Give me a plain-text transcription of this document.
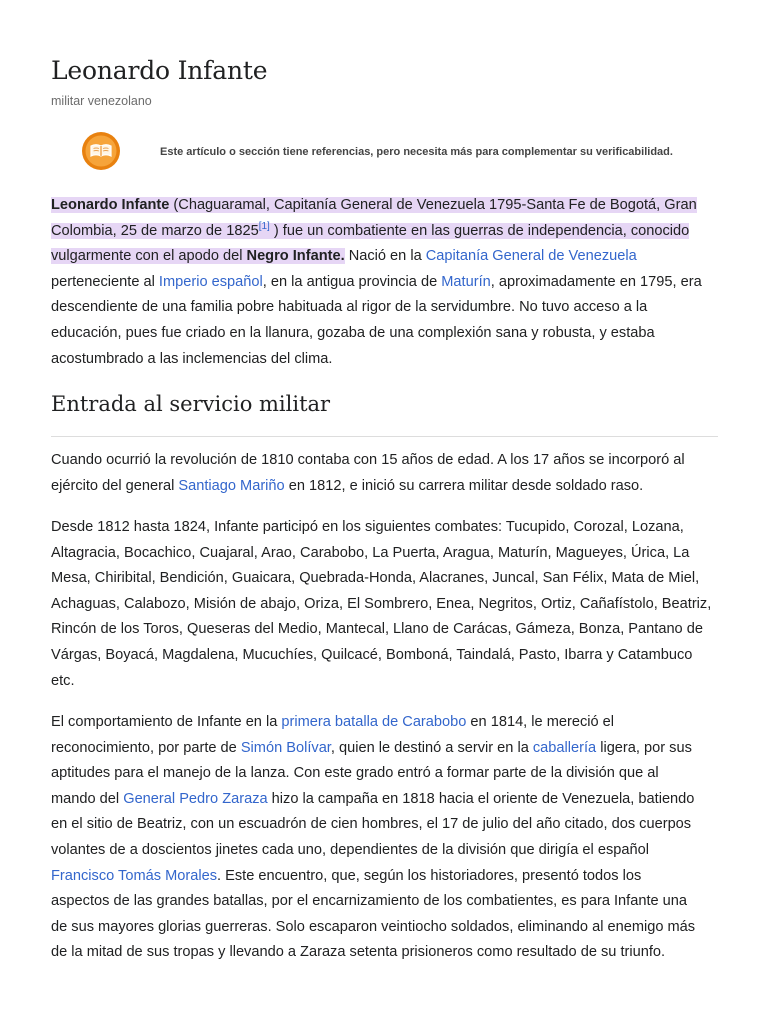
Leonardo Infante
militar venezolano
Este artículo o sección tiene referencias, pero necesita más para complementar su verificabilidad.
Leonardo Infante (Chaguaramal, Capitanía General de Venezuela 1795-Santa Fe de Bogotá, Gran
Colombia, 25 de marzo de 1825[1] ) fue un combatiente en las guerras de independencia, conocido
vulgarmente con el apodo del Negro Infante. Nació en la Capitanía General de Venezuela
perteneciente al Imperio español, en la antigua provincia de Maturín, aproximadamente en 1795, era
descendiente de una familia pobre habituada al rigor de la servidumbre. No tuvo acceso a la
educación, pues fue criado en la llanura, gozaba de una complexión sana y robusta, y estaba
acostumbrado a las inclemencias del clima.
Entrada al servicio militar
Cuando ocurrió la revolución de 1810 contaba con 15 años de edad. A los 17 años se incorporó al
ejército del general Santiago Mariño en 1812, e inició su carrera militar desde soldado raso.
Desde 1812 hasta 1824, Infante participó en los siguientes combates: Tucupido, Corozal, Lozana,
Altagracia, Bocachico, Cuajaral, Arao, Carabobo, La Puerta, Aragua, Maturín, Magueyes, Úrica, La
Mesa, Chiribital, Bendición, Guaicara, Quebrada-Honda, Alacranes, Juncal, San Félix, Mata de Miel,
Achaguas, Calabozo, Misión de abajo, Oriza, El Sombrero, Enea, Negritos, Ortiz, Cañafístolo, Beatriz,
Rincón de los Toros, Queseras del Medio, Mantecal, Llano de Carácas, Gámeza, Bonza, Pantano de
Várgas, Boyacá, Magdalena, Mucuchíes, Quilcacé, Bomboná, Taindalá, Pasto, Ibarra y Catambuco
etc.
El comportamiento de Infante en la primera batalla de Carabobo en 1814, le mereció el
reconocimiento, por parte de Simón Bolívar, quien le destinó a servir en la caballería ligera, por sus
aptitudes para el manejo de la lanza. Con este grado entró a formar parte de la división que al
mando del General Pedro Zaraza hizo la campaña en 1818 hacia el oriente de Venezuela, batiendo
en el sitio de Beatriz, con un escuadrón de cien hombres, el 17 de julio del año citado, dos cuerpos
volantes de a doscientos jinetes cada uno, dependientes de la división que dirigía el español
Francisco Tomás Morales. Este encuentro, que, según los historiadores, presentó todos los
aspectos de las grandes batallas, por el encarnizamiento de los combatientes, es para Infante una
de sus mayores glorias guerreras. Solo escaparon veintiocho soldados, eliminando al enemigo más
de la mitad de sus tropas y llevando a Zaraza setenta prisioneros como resultado de su triunfo.
